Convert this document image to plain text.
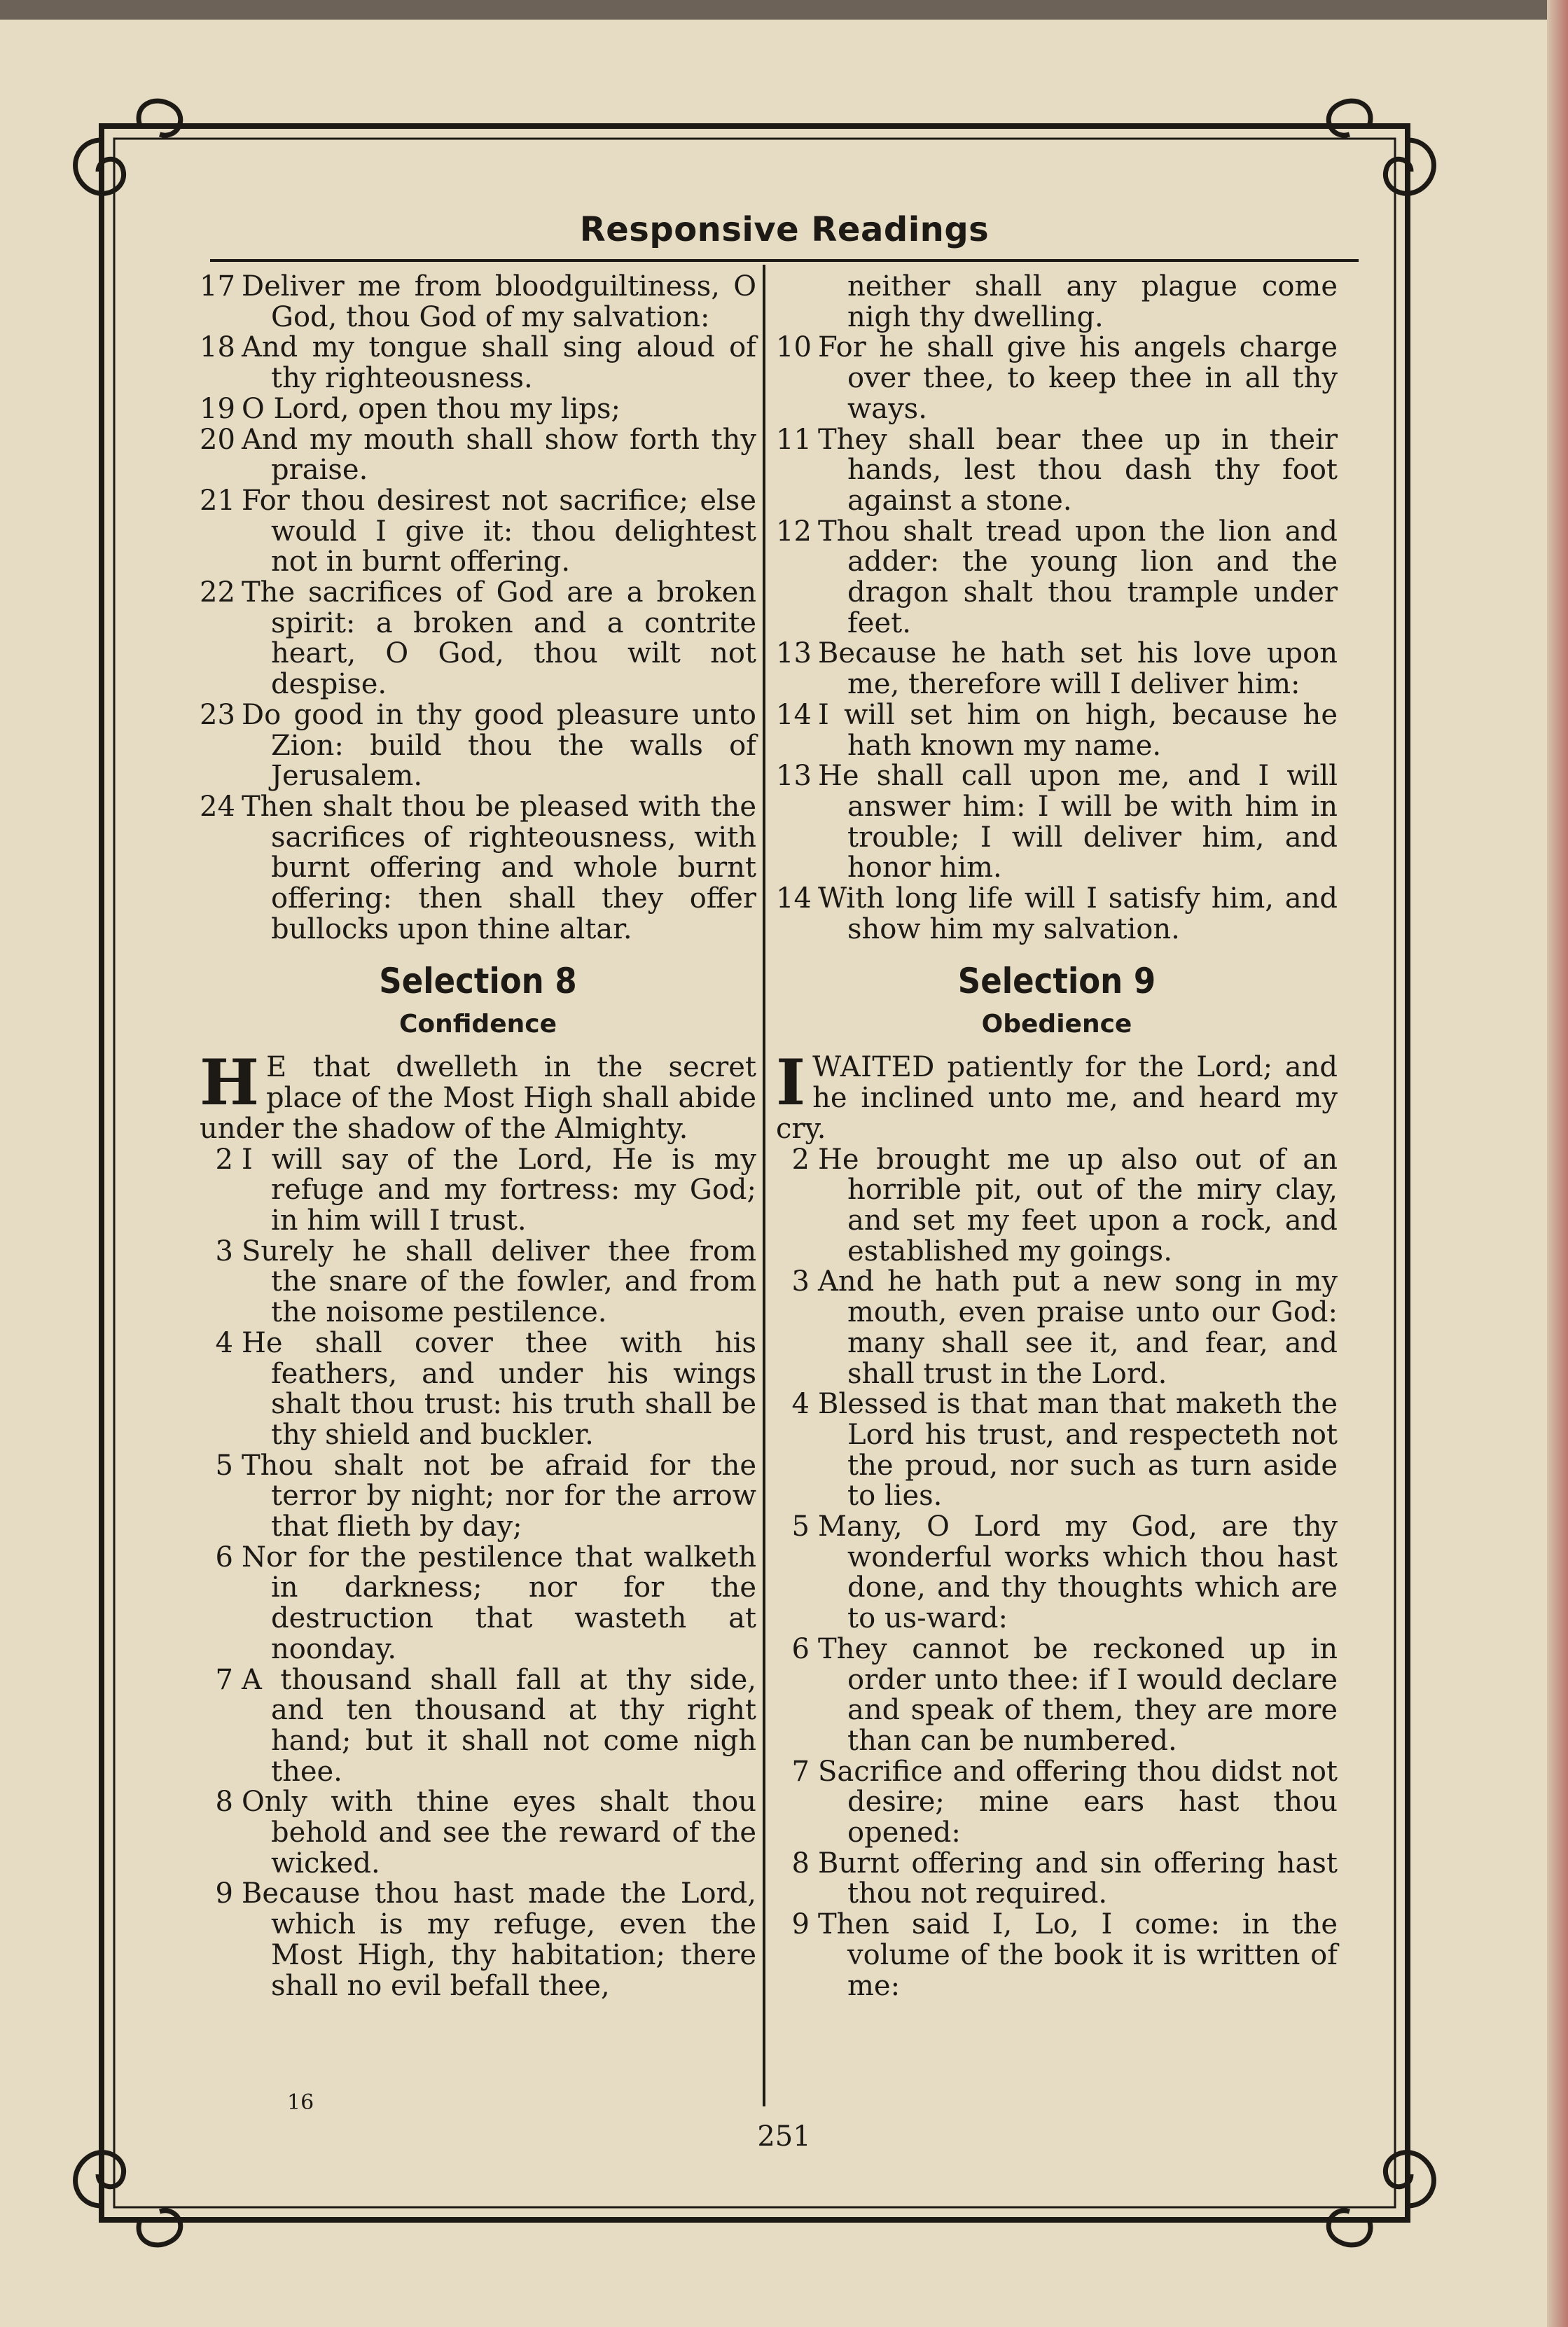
Responsive Readings
17 Deliver me from bloodguiltiness, O God, thou God of my salvation:
18 And my tongue shall sing aloud of thy righteousness.
19 O Lord, open thou my lips;
20 And my mouth shall show forth thy praise.
21 For thou desirest not sacrifice; else would I give it: thou delightest not in burnt offering.
22 The sacrifices of God are a broken spirit: a broken and a contrite heart, O God, thou wilt not despise.
23 Do good in thy good pleasure unto Zion: build thou the walls of Jerusalem.
24 Then shalt thou be pleased with the sacrifices of righteousness, with burnt offering and whole burnt offering: then shall they offer bullocks upon thine altar.
Selection 8
Confidence
H E that dwelleth in the secret place of the Most High shall abide under the shadow of the Almighty.
2 I will say of the Lord, He is my refuge and my fortress: my God; in him will I trust.
3 Surely he shall deliver thee from the snare of the fowler, and from the noisome pestilence.
4 He shall cover thee with his feathers, and under his wings shalt thou trust: his truth shall be thy shield and buckler.
5 Thou shalt not be afraid for the terror by night; nor for the arrow that flieth by day;
6 Nor for the pestilence that walketh in darkness; nor for the destruction that wasteth at noonday.
7 A thousand shall fall at thy side, and ten thousand at thy right hand; but it shall not come nigh thee.
8 Only with thine eyes shalt thou behold and see the reward of the wicked.
9 Because thou hast made the Lord, which is my refuge, even the Most High, thy habitation; there shall no evil befall thee,
neither shall any plague come nigh thy dwelling.
10 For he shall give his angels charge over thee, to keep thee in all thy ways.
11 They shall bear thee up in their hands, lest thou dash thy foot against a stone.
12 Thou shalt tread upon the lion and adder: the young lion and the dragon shalt thou trample under feet.
13 Because he hath set his love upon me, therefore will I deliver him:
14 I will set him on high, because he hath known my name.
13 He shall call upon me, and I will answer him: I will be with him in trouble; I will deliver him, and honor him.
14 With long life will I satisfy him, and show him my salvation.
Selection 9
Obedience
IWAITED patiently for the Lord; and he inclined unto me, and heard my cry.
2 He brought me up also out of an horrible pit, out of the miry clay, and set my feet upon a rock, and established my goings.
3 And he hath put a new song in my mouth, even praise unto our God: many shall see it, and fear, and shall trust in the Lord.
4 Blessed is that man that maketh the Lord his trust, and respecteth not the proud, nor such as turn aside to lies.
5 Many, O Lord my God, are thy wonderful works which thou hast done, and thy thoughts which are to us-ward:
6 They cannot be reckoned up in order unto thee: if I would declare and speak of them, they are more than can be numbered.
7 Sacrifice and offering thou didst not desire; mine ears hast thou opened:
8 Burnt offering and sin offering hast thou not required.
9 Then said I, Lo, I come: in the volume of the book it is written of me:
16
251
